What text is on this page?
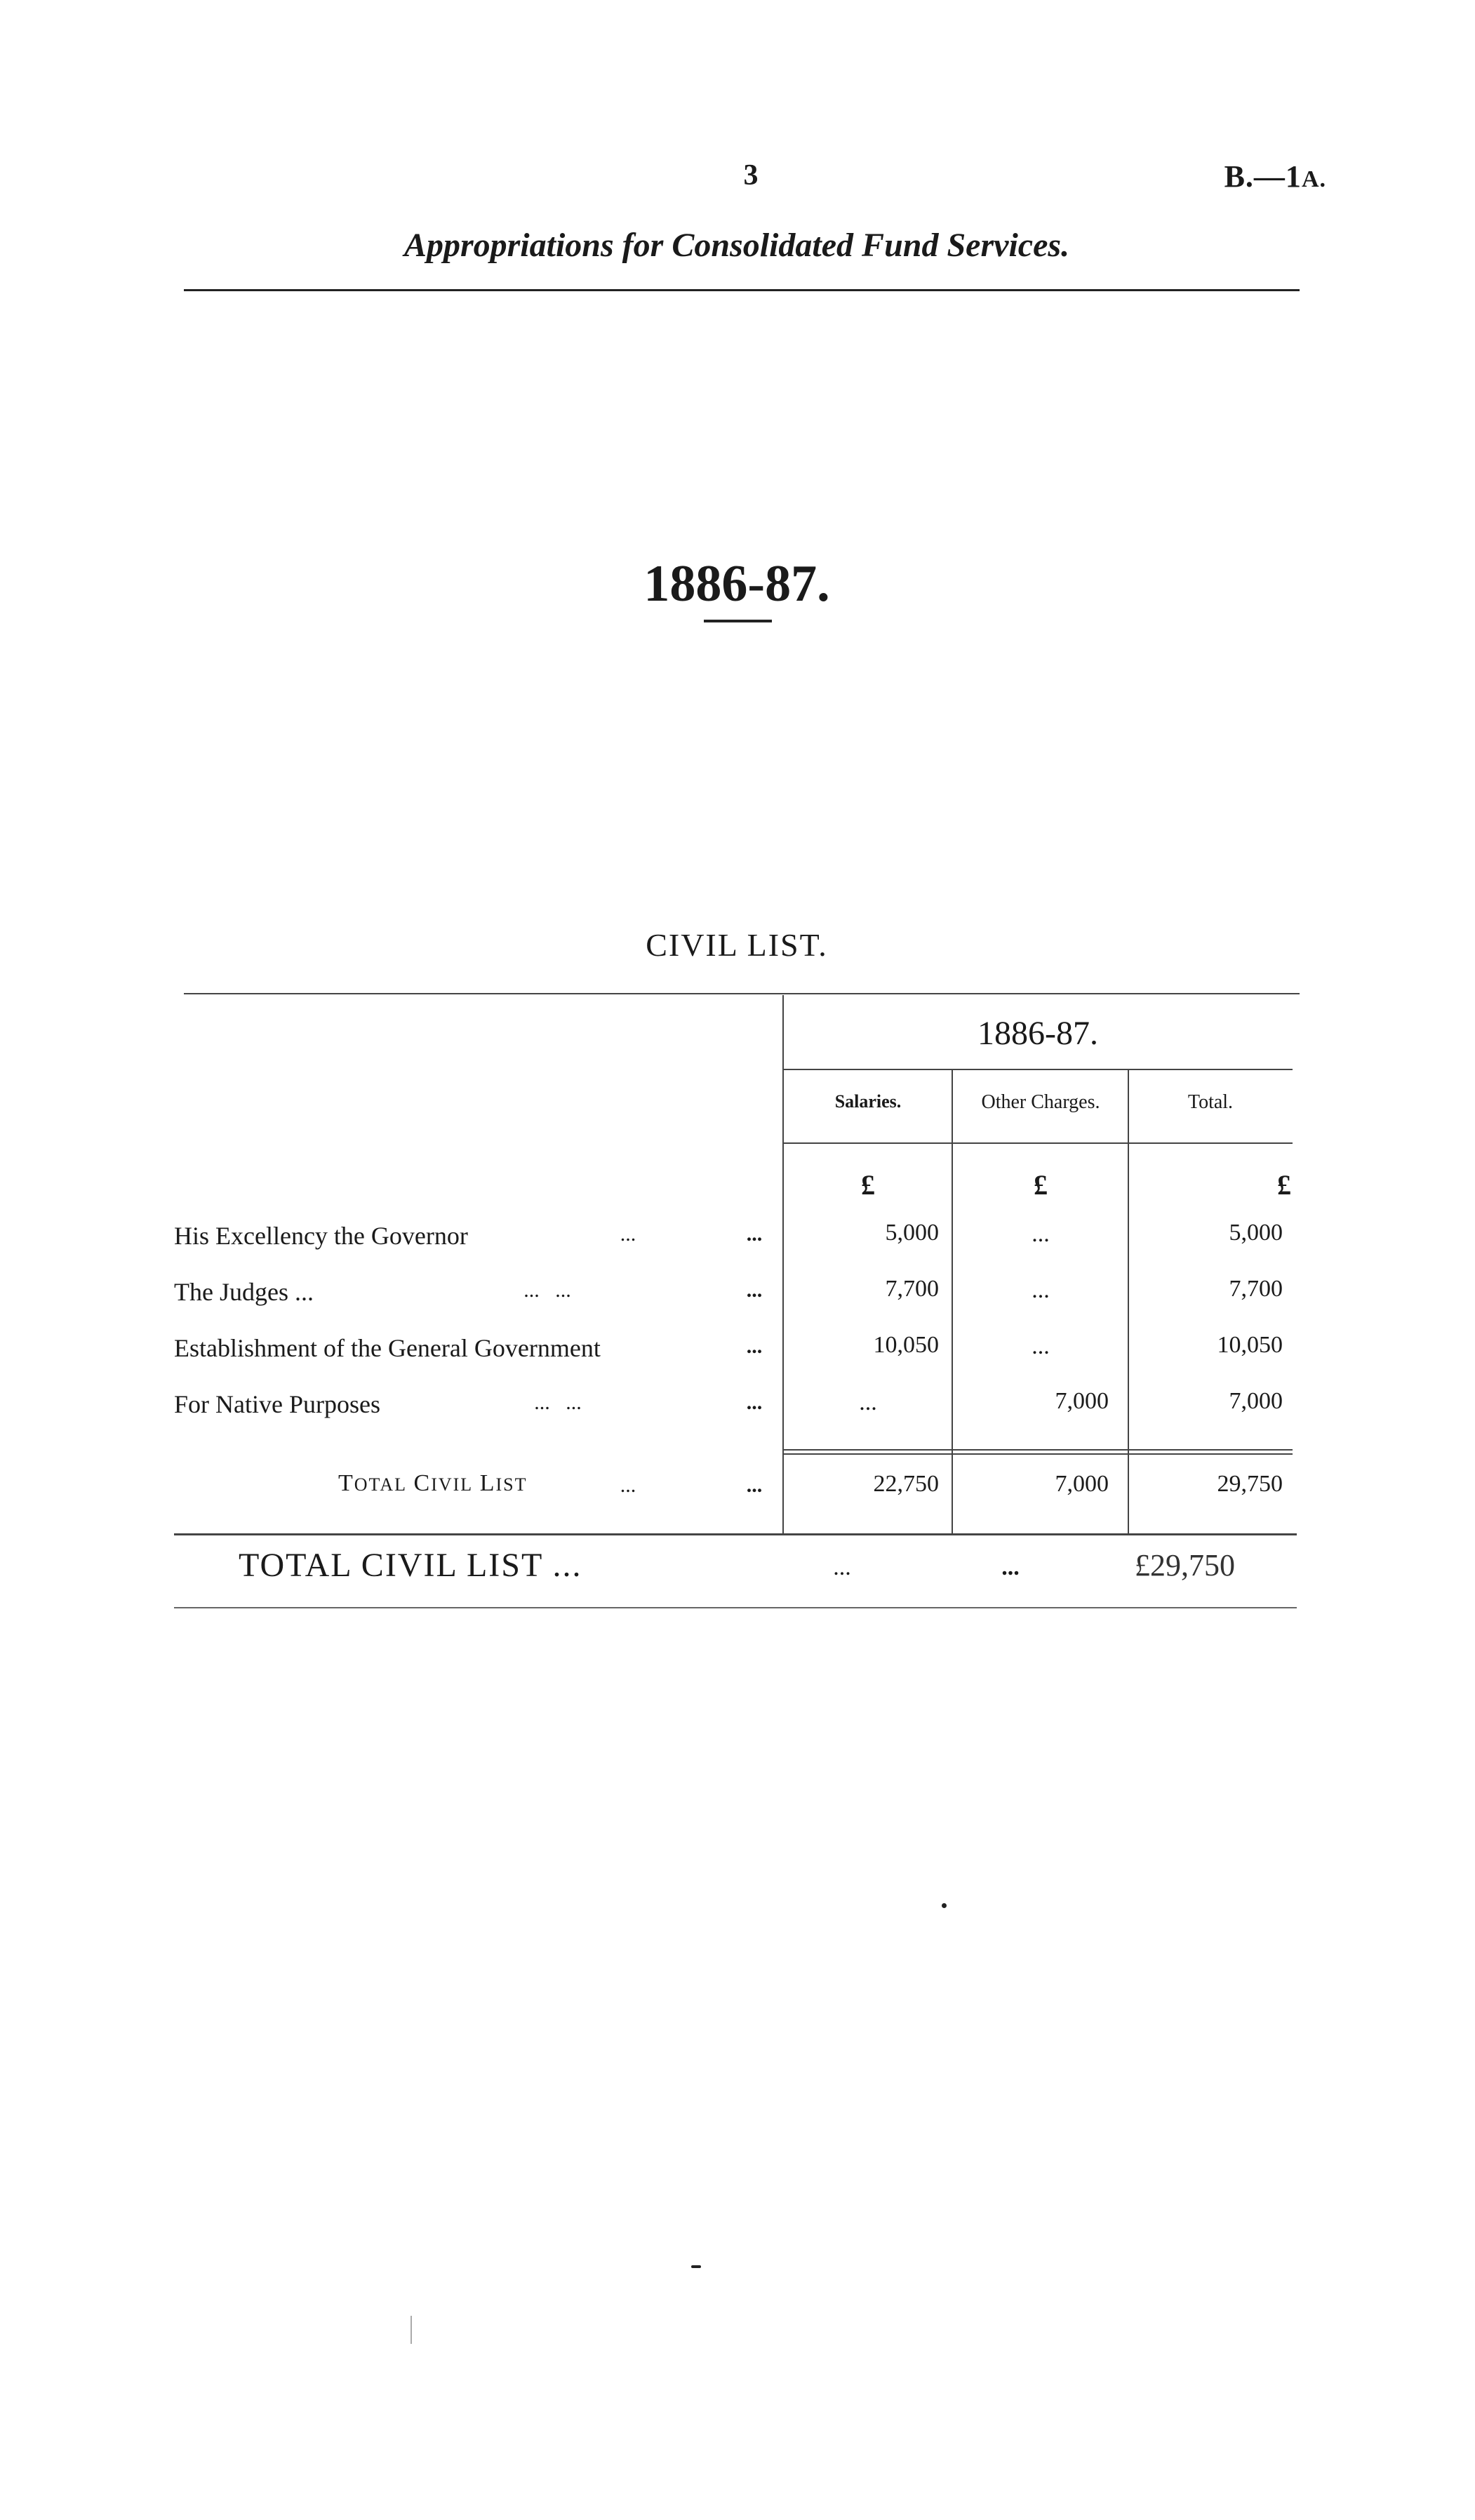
3	B.—1A.
Appropriations for Consolidated Fund Services.
1886-87.
CIVIL LIST.
1886-87.
Salaries.	Other Charges.	Total.
£	£	£
His Excellency the Governor	...	...	5,000	...	5,000
The Judges ...	...   ...	...	7,700	...	7,700
Establishment of the General Government	...	10,050	...	10,050
For Native Purposes	...   ...	...	...	7,000	7,000
TOTAL CIVIL LIST	...	...	22,750	7,000	29,750
TOTAL CIVIL LIST ...	...	...	£29,750
